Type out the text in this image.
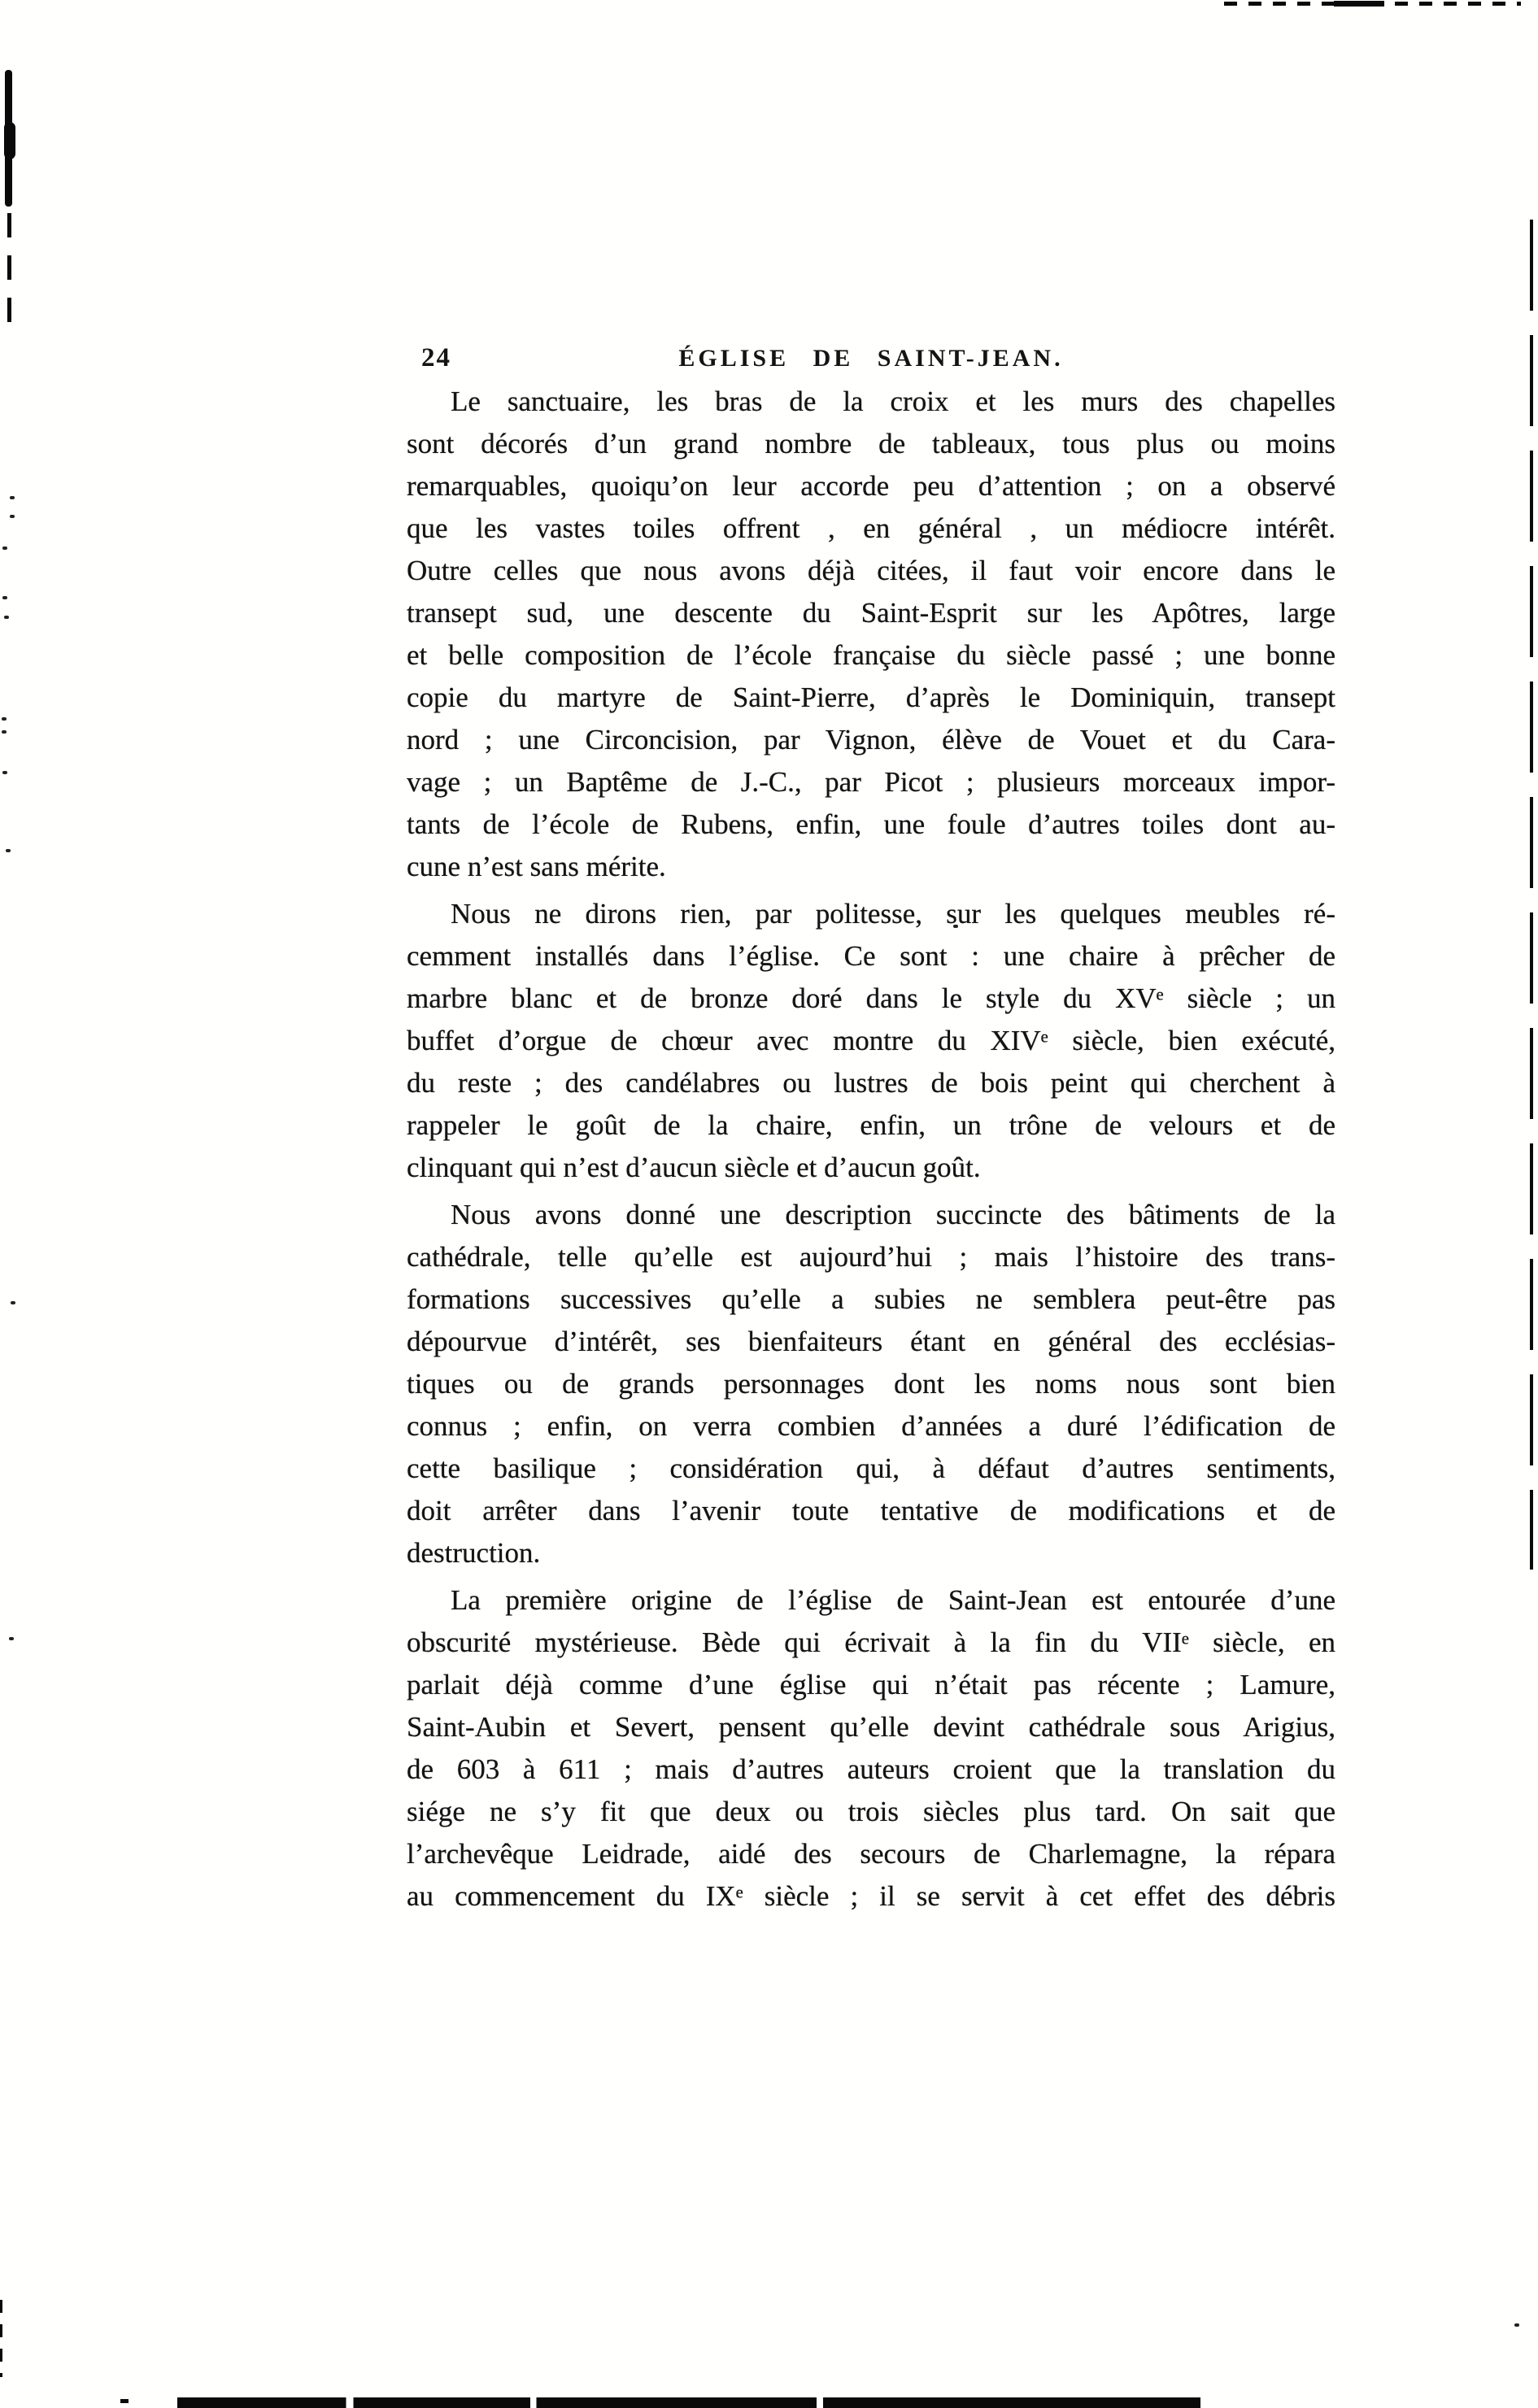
24	ÉGLISE DE SAINT-JEAN.
Le sanctuaire, les bras de la croix et les murs des chapelles
sont décorés d’un grand nombre de tableaux, tous plus ou moins
remarquables, quoiqu’on leur accorde peu d’attention ; on a observé
que les vastes toiles offrent , en général , un médiocre intérêt.
Outre celles que nous avons déjà citées, il faut voir encore dans le
transept sud, une descente du Saint-Esprit sur les Apôtres, large
et belle composition de l’école française du siècle passé ; une bonne
copie du martyre de Saint-Pierre, d’après le Dominiquin, transept
nord ; une Circoncision, par Vignon, élève de Vouet et du Cara-
vage ; un Baptême de J.-C., par Picot ; plusieurs morceaux impor-
tants de l’école de Rubens, enfin, une foule d’autres toiles dont au-
cune n’est sans mérite.
Nous ne dirons rien, par politesse, sur les quelques meubles ré-
cemment installés dans l’église. Ce sont : une chaire à prêcher de
marbre blanc et de bronze doré dans le style du XVᵉ siècle ; un
buffet d’orgue de chœur avec montre du XIVᵉ siècle, bien exécuté,
du reste ; des candélabres ou lustres de bois peint qui cherchent à
rappeler le goût de la chaire, enfin, un trône de velours et de
clinquant qui n’est d’aucun siècle et d’aucun goût.
Nous avons donné une description succincte des bâtiments de la
cathédrale, telle qu’elle est aujourd’hui ; mais l’histoire des trans-
formations successives qu’elle a subies ne semblera peut-être pas
dépourvue d’intérêt, ses bienfaiteurs étant en général des ecclésias-
tiques ou de grands personnages dont les noms nous sont bien
connus ; enfin, on verra combien d’années a duré l’édification de
cette basilique ; considération qui, à défaut d’autres sentiments,
doit arrêter dans l’avenir toute tentative de modifications et de
destruction.
La première origine de l’église de Saint-Jean est entourée d’une
obscurité mystérieuse. Bède qui écrivait à la fin du VIIᵉ siècle, en
parlait déjà comme d’une église qui n’était pas récente ; Lamure,
Saint-Aubin et Severt, pensent qu’elle devint cathédrale sous Arigius,
de 603 à 611 ; mais d’autres auteurs croient que la translation du
siége ne s’y fit que deux ou trois siècles plus tard. On sait que
l’archevêque Leidrade, aidé des secours de Charlemagne, la répara
au commencement du IXᵉ siècle ; il se servit à cet effet des débris
